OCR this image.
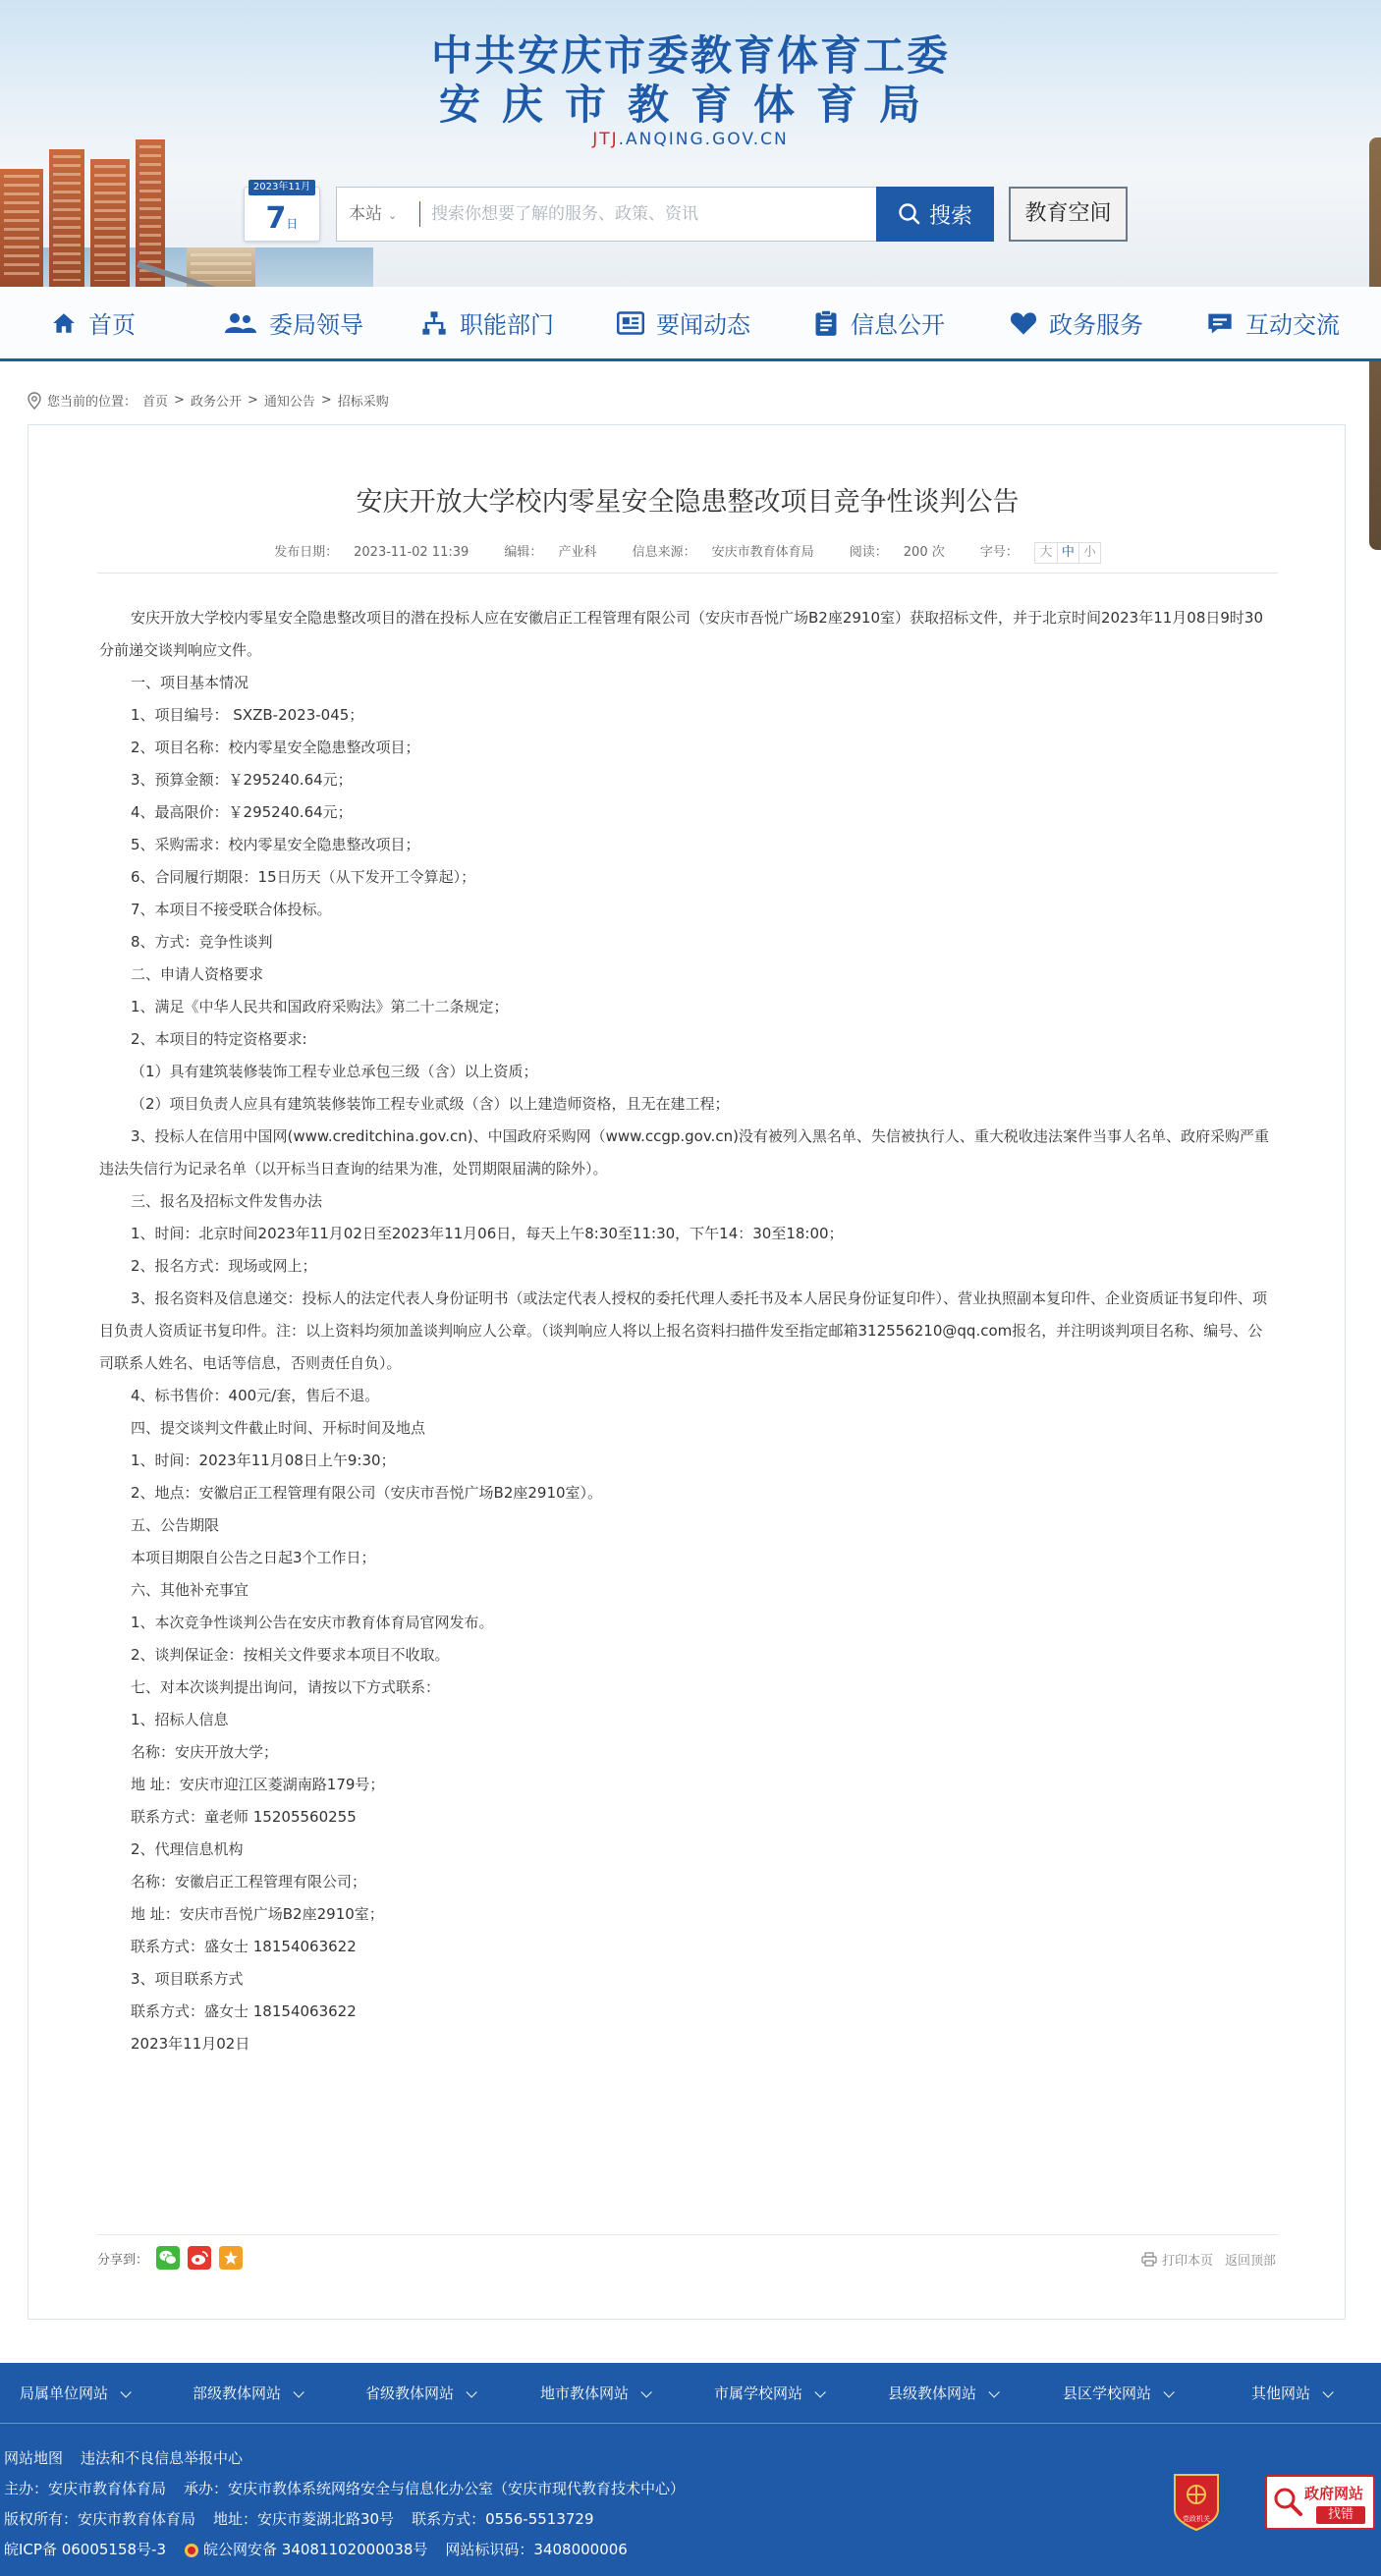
中共安庆市委教育体育工委
安庆市教育体育局
JTJ.ANQING.GOV.CN
2023年11月
7日	本站 ⌄
搜索你想要了解的服务、政策、资讯	搜索	教育空间
首页	委局领导	职能部门	要闻动态	信息公开	政务服务	互动交流
您当前的位置： 首页 > 政务公开 > 通知公告 > 招标采购
安庆开放大学校内零星安全隐患整改项目竞争性谈判公告
发布日期： 2023-11-02 11:39	编辑： 产业科	信息来源： 安庆市教育体育局	阅读： 200 次	字号：	大 中 小

安庆开放大学校内零星安全隐患整改项目的潜在投标人应在安徽启正工程管理有限公司（安庆市吾悦广场B2座2910室）获取招标文件，并于北京时间2023年11月08日9时30分前递交谈判响应文件。

一、项目基本情况

1、项目编号： SXZB-2023-045；

2、项目名称：校内零星安全隐患整改项目；

3、预算金额：￥295240.64元；

4、最高限价：￥295240.64元；

5、采购需求：校内零星安全隐患整改项目；

6、合同履行期限：15日历天（从下发开工令算起）；

7、本项目不接受联合体投标。

8、方式：竞争性谈判

二、申请人资格要求

1、满足《中华人民共和国政府采购法》第二十二条规定；

2、本项目的特定资格要求:

（1）具有建筑装修装饰工程专业总承包三级（含）以上资质；

（2）项目负责人应具有建筑装修装饰工程专业贰级（含）以上建造师资格，且无在建工程；

3、投标人在信用中国网(www.creditchina.gov.cn)、中国政府采购网（www.ccgp.gov.cn)没有被列入黑名单、失信被执行人、重大税收违法案件当事人名单、政府采购严重违法失信行为记录名单（以开标当日查询的结果为准，处罚期限届满的除外）。

三、报名及招标文件发售办法

1、时间：北京时间2023年11月02日至2023年11月06日，每天上午8:30至11:30，下午14：30至18:00；

2、报名方式：现场或网上；

3、报名资料及信息递交：投标人的法定代表人身份证明书（或法定代表人授权的委托代理人委托书及本人居民身份证复印件）、营业执照副本复印件、企业资质证书复印件、项目负责人资质证书复印件。注：以上资料均须加盖谈判响应人公章。（谈判响应人将以上报名资料扫描件发至指定邮箱312556210@qq.com报名，并注明谈判项目名称、编号、公司联系人姓名、电话等信息，否则责任自负）。

4、标书售价：400元/套，售后不退。

四、提交谈判文件截止时间、开标时间及地点

1、时间：2023年11月08日上午9:30；

2、地点：安徽启正工程管理有限公司（安庆市吾悦广场B2座2910室）。

五、公告期限

本项目期限自公告之日起3个工作日；

六、其他补充事宜

1、本次竞争性谈判公告在安庆市教育体育局官网发布。

2、谈判保证金：按相关文件要求本项目不收取。

七、对本次谈判提出询问，请按以下方式联系：

1、招标人信息

名称：安庆开放大学；

地 址：安庆市迎江区菱湖南路179号；

联系方式：童老师 15205560255

2、代理信息机构

名称：安徽启正工程管理有限公司；

地 址：安庆市吾悦广场B2座2910室；

联系方式：盛女士 18154063622

3、项目联系方式

联系方式：盛女士 18154063622

2023年11月02日

分享到：	打印本页 返回顶部
局属单位网站	部级教体网站	省级教体网站	地市教体网站	市属学校网站	县级教体网站	县区学校网站	其他网站
网站地图 违法和不良信息举报中心
主办：安庆市教育体育局 承办：安庆市教体系统网络安全与信息化办公室（安庆市现代教育技术中心）
版权所有：安庆市教育体育局 地址：安庆市菱湖北路30号 联系方式：0556-5513729
皖ICP备 06005158号-3	皖公网安备 34081102000038号 网站标识码：3408000006
党政机关
政府网站
找错
